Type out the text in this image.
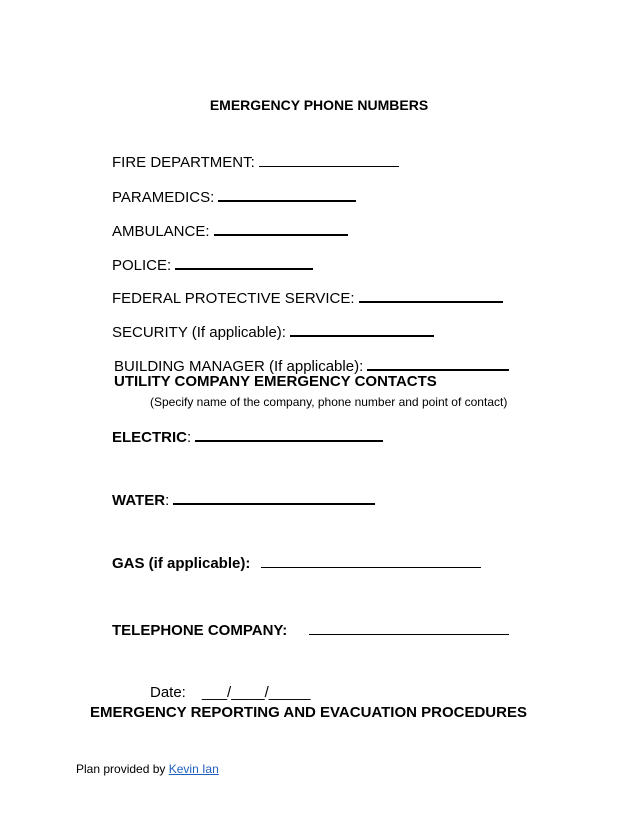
EMERGENCY PHONE NUMBERS
FIRE DEPARTMENT:
PARAMEDICS:
AMBULANCE:
POLICE:
FEDERAL PROTECTIVE SERVICE:
SECURITY (If applicable):
BUILDING MANAGER (If applicable):
UTILITY COMPANY EMERGENCY CONTACTS
(Specify name of the company, phone number and point of contact)
ELECTRIC:
WATER:
GAS (if applicable):
TELEPHONE COMPANY:
Date: ___/____/_____
EMERGENCY REPORTING AND EVACUATION PROCEDURES
Plan provided by Kevin Ian
